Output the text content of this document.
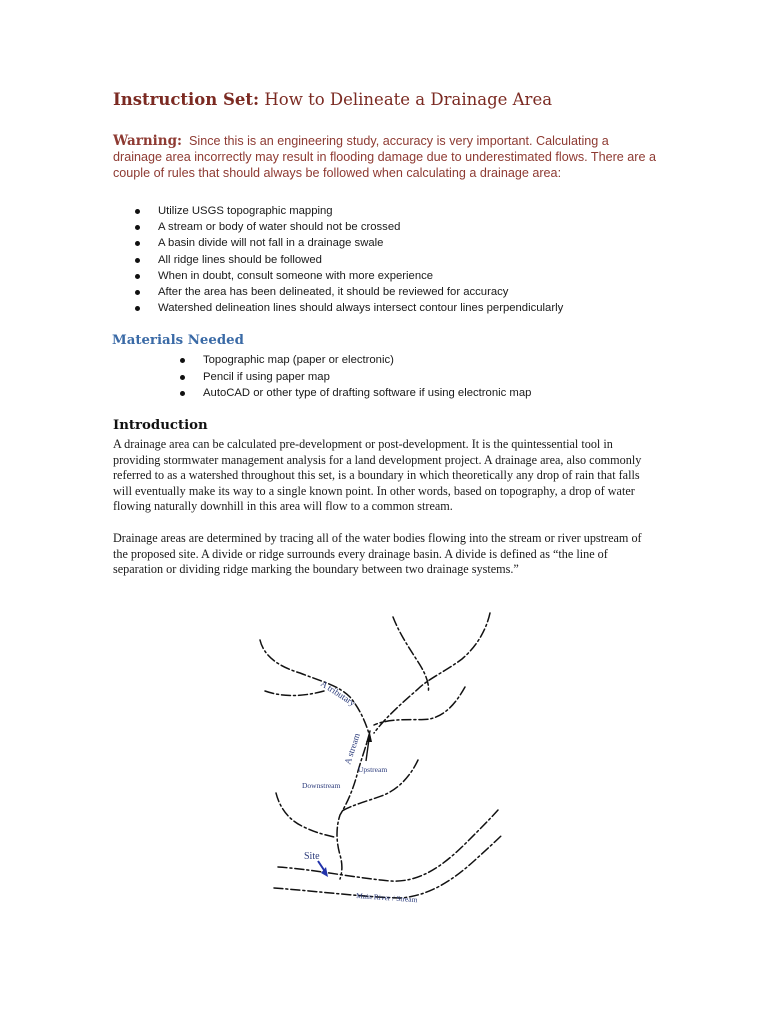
Instruction Set: How to Delineate a Drainage Area

Warning: Since this is an engineering study, accuracy is very important. Calculating a drainage area incorrectly may result in flooding damage due to underestimated flows. There are a couple of rules that should always be followed when calculating a drainage area:

Utilize USGS topographic mapping
A stream or body of water should not be crossed
A basin divide will not fall in a drainage swale
All ridge lines should be followed
When in doubt, consult someone with more experience
After the area has been delineated, it should be reviewed for accuracy
Watershed delineation lines should always intersect contour lines perpendicularly
Materials Needed
Topographic map (paper or electronic)
Pencil if using paper map
AutoCAD or other type of drafting software if using electronic map
Introduction

A drainage area can be calculated pre-development or post-development. It is the quintessential tool in providing stormwater management analysis for a land development project. A drainage area, also commonly referred to as a watershed throughout this set, is a boundary in which theoretically any drop of rain that falls will eventually make its way to a single known point. In other words, based on topography, a drop of water flowing naturally downhill in this area will flow to a common stream.

Drainage areas are determined by tracing all of the water bodies flowing into the stream or river upstream of the proposed site. A divide or ridge surrounds every drainage basin. A divide is defined as “the line of separation or dividing ridge marking the boundary between two drainage systems.”

A tributary
A stream
Upstream
Downstream
Site
Main River / Stream
